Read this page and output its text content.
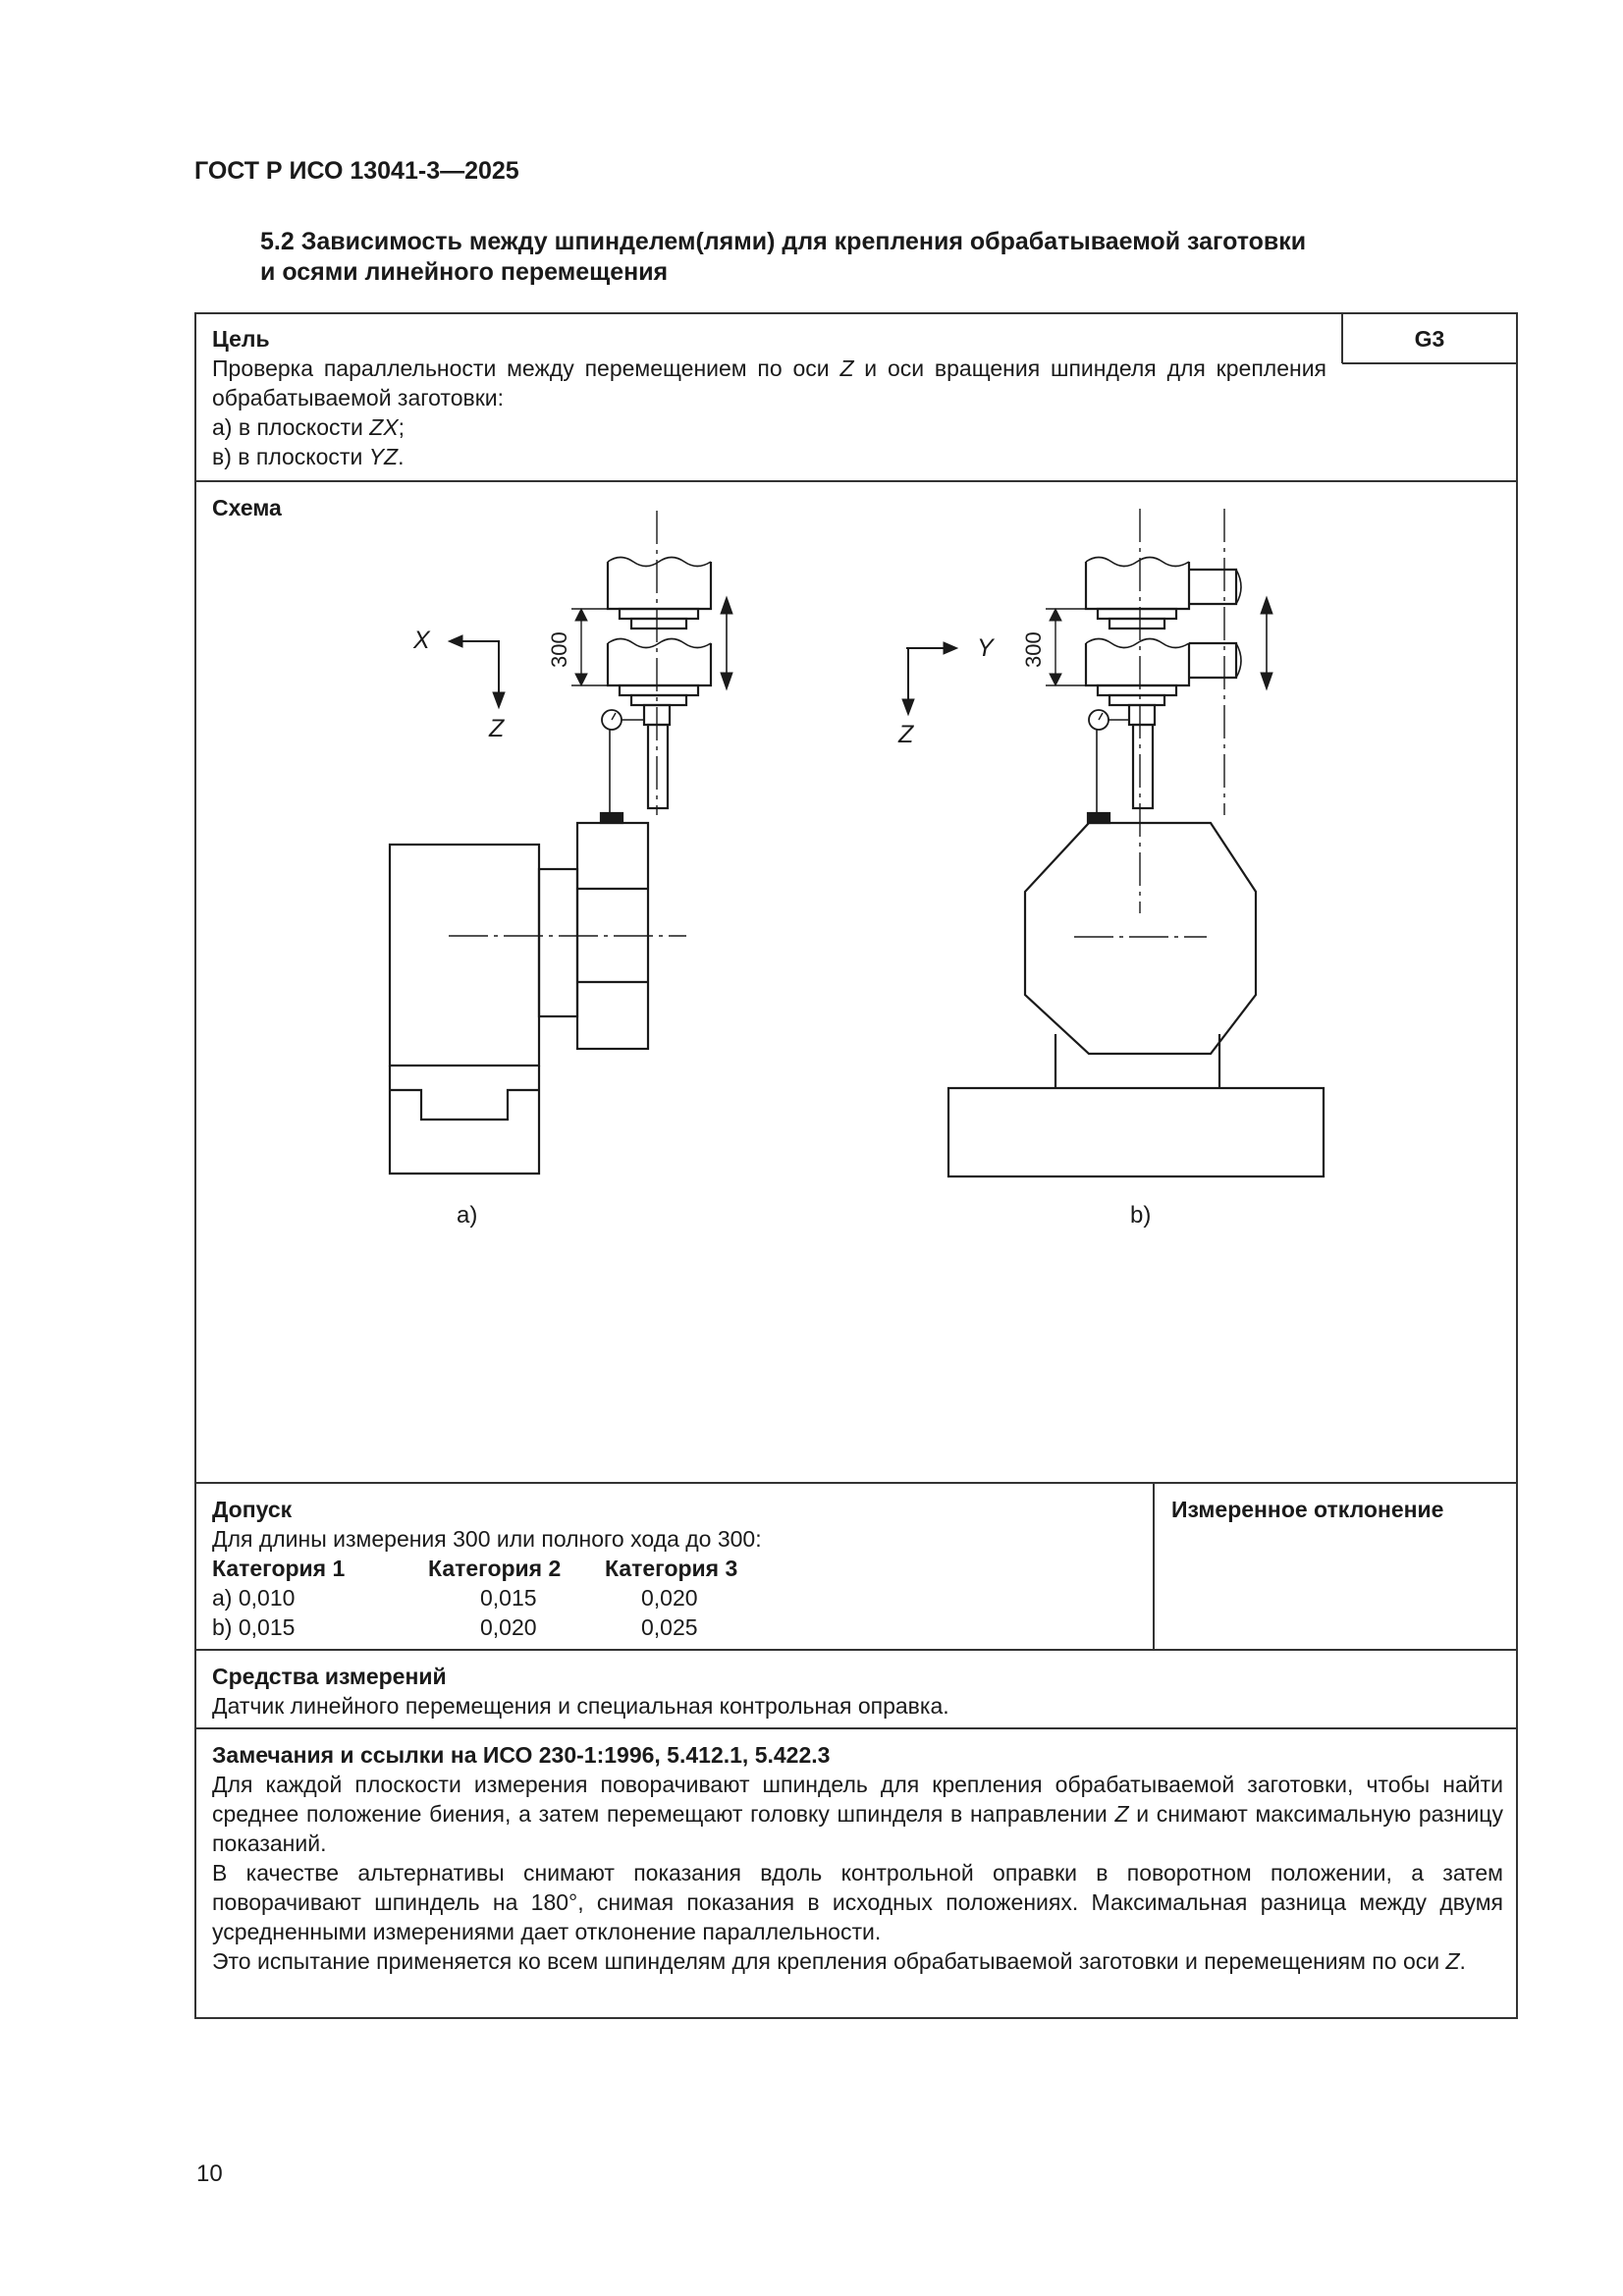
ГОСТ Р ИСО 13041-3—2025
5.2 Зависимость между шпинделем(лями) для крепления обрабатываемой заготовки
и осями линейного перемещения
Цель
Проверка параллельности между перемещением по оси Z и оси вращения шпинделя для крепления обрабатываемой заготовки:
а) в плоскости ZX;
в) в плоскости YZ.
G3
Схема
X
Z
300
a)
Y
Z
300
b)
Допуск
Для длины измерения 300 или полного хода до 300:
Категория 1	Категория 2	Категория 3
a) 0,010	0,015	0,020
b) 0,015	0,020	0,025
Измеренное отклонение
Средства измерений
Датчик линейного перемещения и специальная контрольная оправка.
Замечания и ссылки на ИСО 230-1:1996, 5.412.1, 5.422.3
Для каждой плоскости измерения поворачивают шпиндель для крепления обрабатываемой заготовки, чтобы найти среднее положение биения, а затем перемещают головку шпинделя в направлении Z и снимают максимальную разницу показаний.
В качестве альтернативы снимают показания вдоль контрольной оправки в поворотном положении, а затем поворачивают шпиндель на 180°, снимая показания в исходных положениях. Максимальная разница между двумя усредненными измерениями дает отклонение параллельности.
Это испытание применяется ко всем шпинделям для крепления обрабатываемой заготовки и перемещениям по оси Z.
10
